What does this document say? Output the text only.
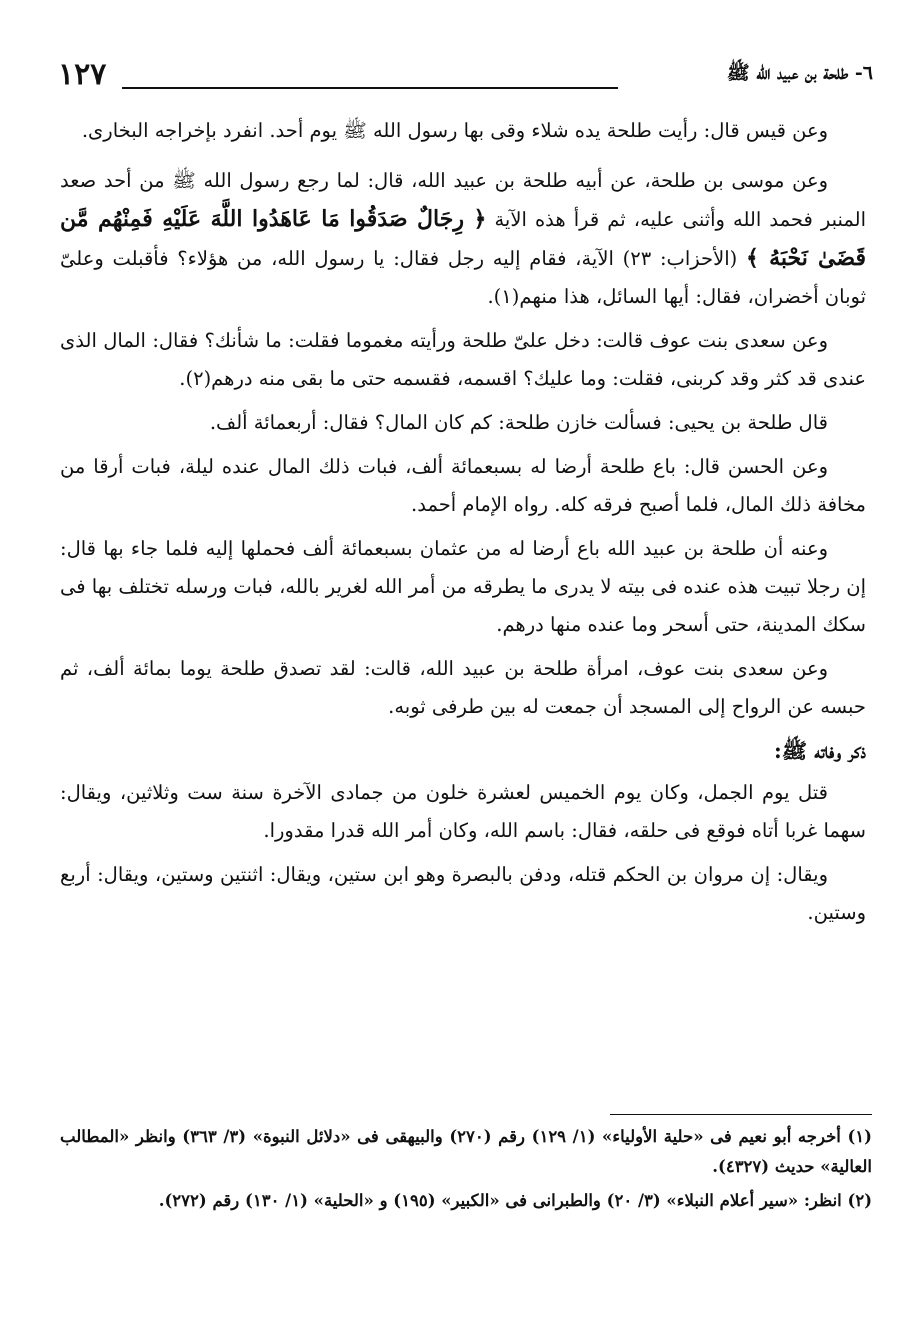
٦- طلحة بن عبيد الله ﷺ
١٢٧

وعن قيس قال: رأيت طلحة يده شلاء وقى بها رسول الله ﷺ يوم أحد. انفرد بإخراجه البخارى.

وعن موسى بن طلحة، عن أبيه طلحة بن عبيد الله، قال: لما رجع رسول الله ﷺ من أحد صعد المنبر فحمد الله وأثنى عليه، ثم قرأ هذه الآية ﴿ رِجَالٌ صَدَقُوا مَا عَاهَدُوا اللَّهَ عَلَيْهِ فَمِنْهُم مَّن قَضَىٰ نَحْبَهُ ﴾ (الأحزاب: ٢٣) الآية، فقام إليه رجل فقال: يا رسول الله، من هؤلاء؟ فأقبلت وعلىّ ثوبان أخضران، فقال: أيها السائل، هذا منهم(١).

وعن سعدى بنت عوف قالت: دخل علىّ طلحة ورأيته مغموما فقلت: ما شأنك؟ فقال: المال الذى عندى قد كثر وقد كربنى، فقلت: وما عليك؟ اقسمه، فقسمه حتى ما بقى منه درهم(٢).

قال طلحة بن يحيى: فسألت خازن طلحة: كم كان المال؟ فقال: أربعمائة ألف.

وعن الحسن قال: باع طلحة أرضا له بسبعمائة ألف، فبات ذلك المال عنده ليلة، فبات أرقا من مخافة ذلك المال، فلما أصبح فرقه كله. رواه الإمام أحمد.

وعنه أن طلحة بن عبيد الله باع أرضا له من عثمان بسبعمائة ألف فحملها إليه فلما جاء بها قال: إن رجلا تبيت هذه عنده فى بيته لا يدرى ما يطرقه من أمر الله لغرير بالله، فبات ورسله تختلف بها فى سكك المدينة، حتى أسحر وما عنده منها درهم.

وعن سعدى بنت عوف، امرأة طلحة بن عبيد الله، قالت: لقد تصدق طلحة يوما بمائة ألف، ثم حبسه عن الرواح إلى المسجد أن جمعت له بين طرفى ثوبه.

ذكر وفاته ﷺ:

قتل يوم الجمل، وكان يوم الخميس لعشرة خلون من جمادى الآخرة سنة ست وثلاثين، ويقال: سهما غربا أتاه فوقع فى حلقه، فقال: باسم الله، وكان أمر الله قدرا مقدورا.

ويقال: إن مروان بن الحكم قتله، ودفن بالبصرة وهو ابن ستين، ويقال: اثنتين وستين، ويقال: أربع وستين.

(١) أخرجه أبو نعيم فى «حلية الأولياء» (١/ ١٢٩) رقم (٢٧٠) والبيهقى فى «دلائل النبوة» (٣/ ٣٦٣) وانظر «المطالب العالية» حديث (٤٣٢٧).

(٢) انظر: «سير أعلام النبلاء» (٣/ ٢٠) والطبرانى فى «الكبير» (١٩٥) و «الحلية» (١/ ١٣٠) رقم (٢٧٢).
